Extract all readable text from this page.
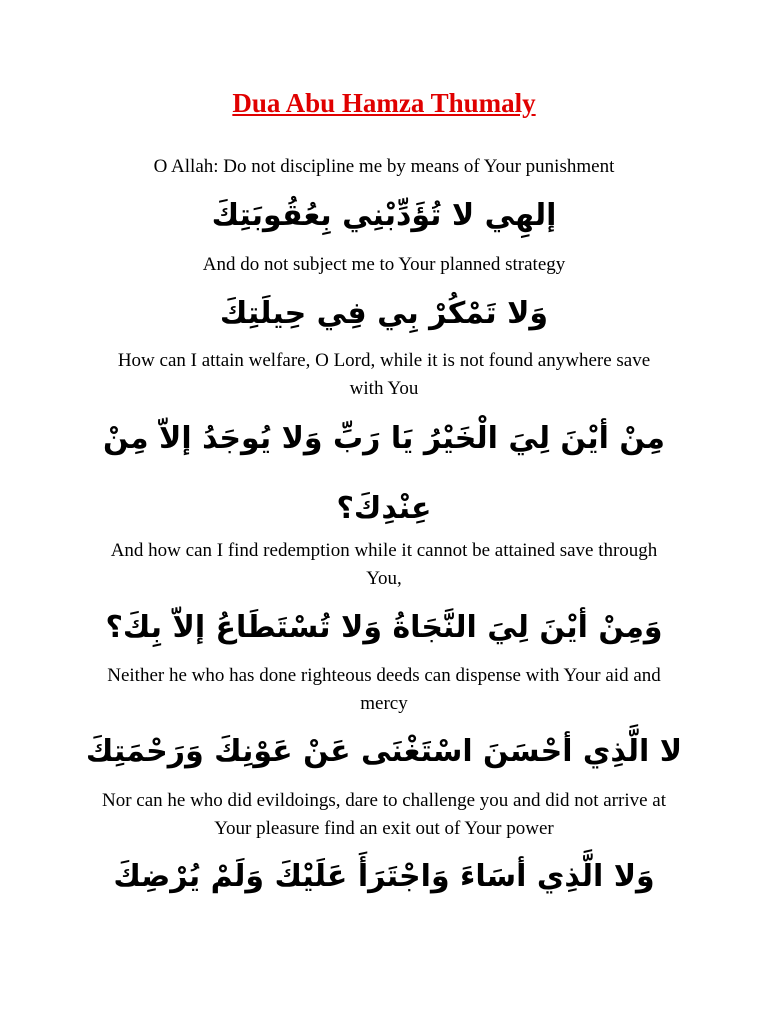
Dua Abu Hamza Thumaly
O Allah: Do not discipline me by means of Your punishment
إلهِي لا تُؤَدِّبْنِي بِعُقُوبَتِكَ
And do not subject me to Your planned strategy
وَلا تَمْكُرْ بِي فِي حِيلَتِكَ
How can I attain welfare, O Lord, while it is not found anywhere save with You
مِنْ أيْنَ لِيَ الْخَيْرُ يَا رَبِّ وَلا يُوجَدُ إلاّ مِنْ عِنْدِكَ؟
And how can I find redemption while it cannot be attained save through You,
وَمِنْ أيْنَ لِيَ النَّجَاةُ وَلا تُسْتَطَاعُ إلاّ بِكَ؟
Neither he who has done righteous deeds can dispense with Your aid and mercy
لا الَّذِي أحْسَنَ اسْتَغْنَى عَنْ عَوْنِكَ وَرَحْمَتِكَ
Nor can he who did evildoings, dare to challenge you and did not arrive at Your pleasure find an exit out of Your power
وَلا الَّذِي أسَاءَ وَاجْتَرَأَ عَلَيْكَ وَلَمْ يُرْضِكَ
